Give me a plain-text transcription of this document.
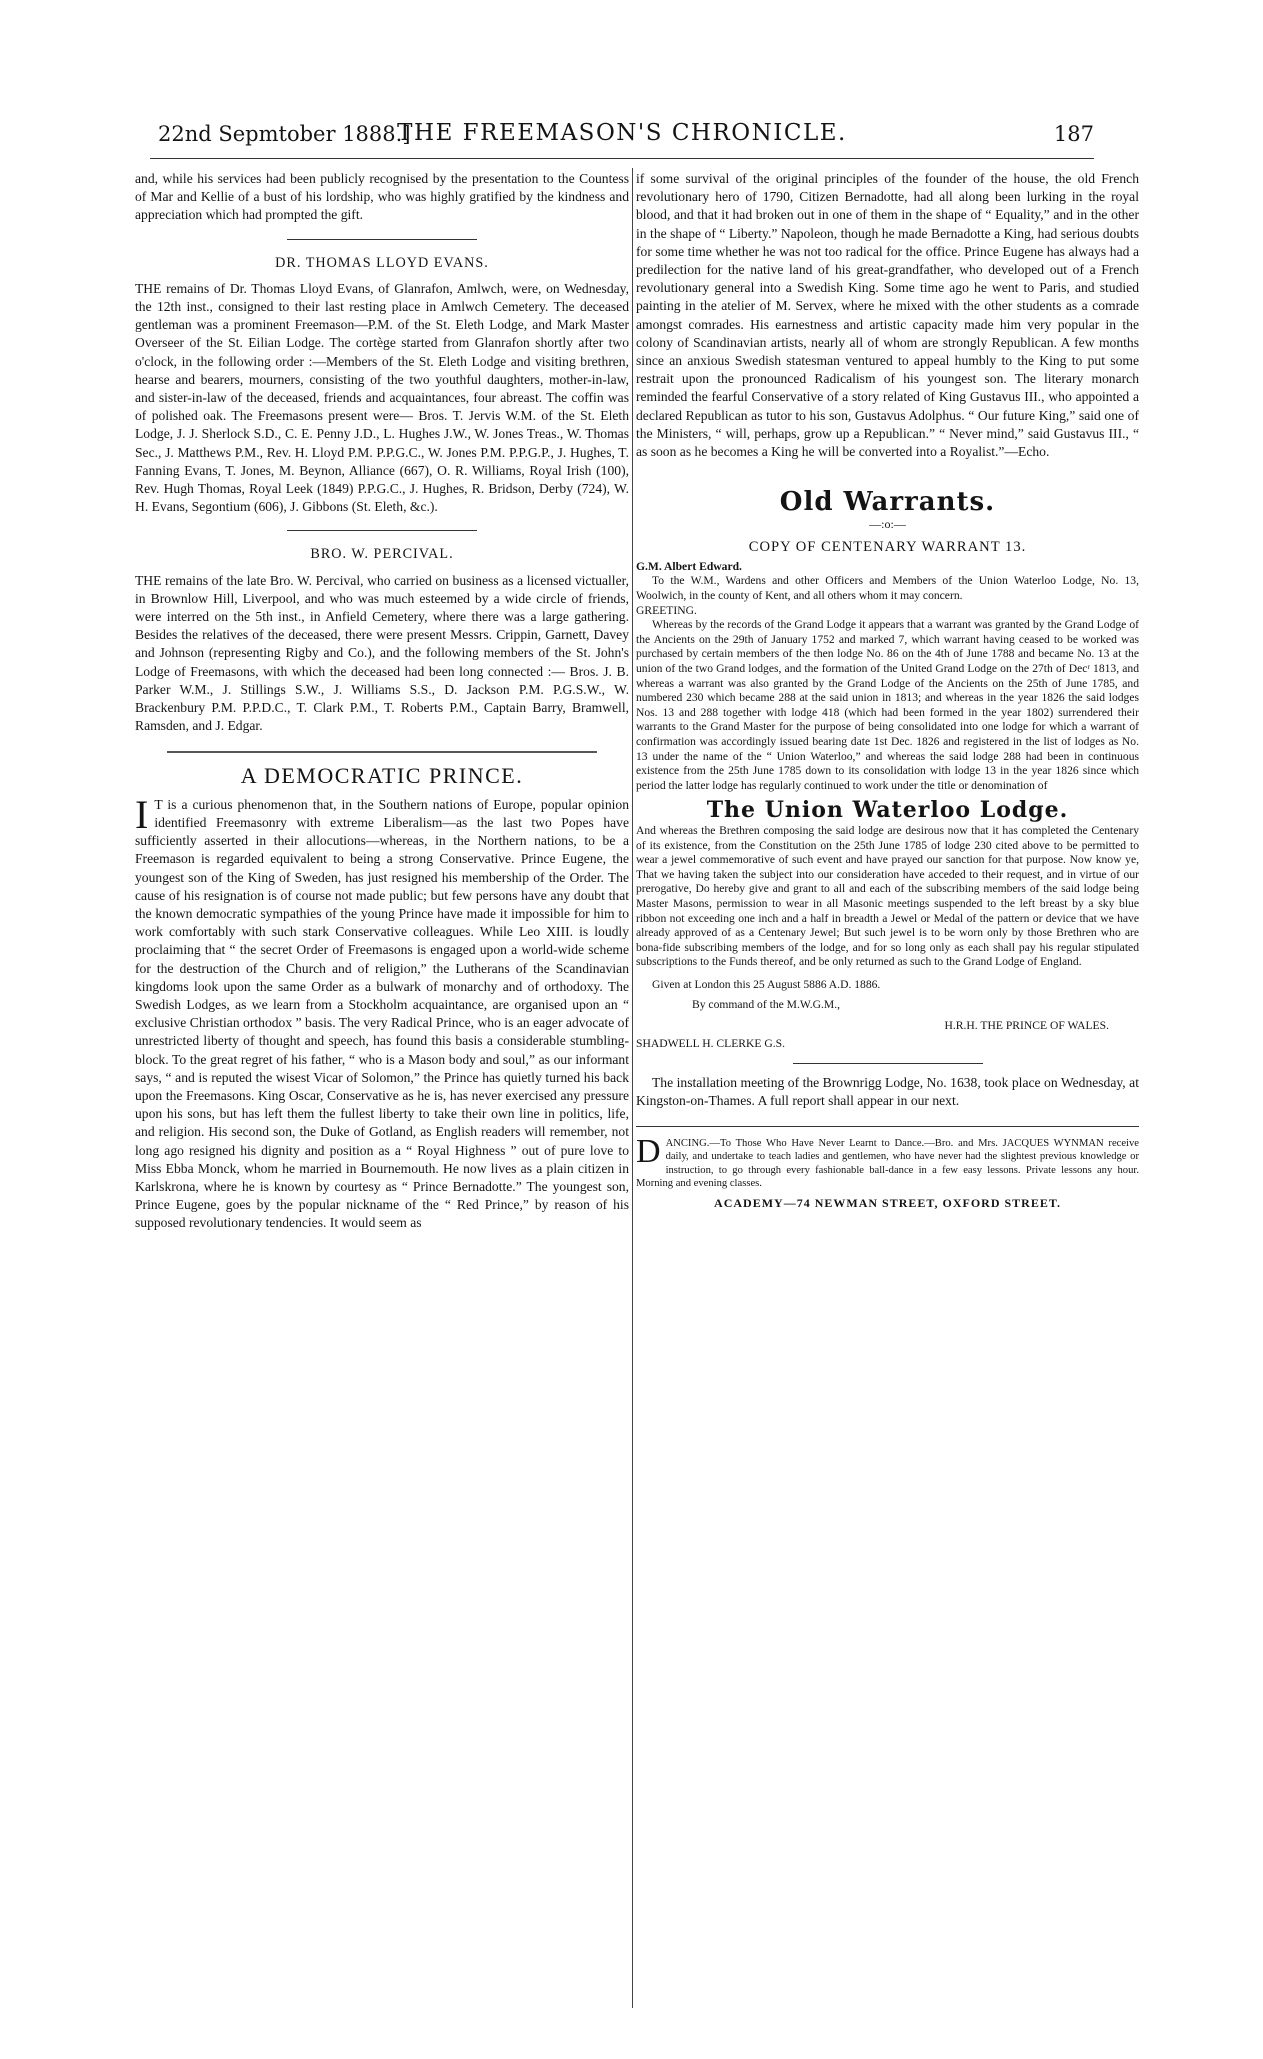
22nd Sepmtober 1888.]
THE FREEMASON'S CHRONICLE.	187

and, while his services had been publicly recognised by the presentation to the Countess of Mar and Kellie of a bust of his lordship, who was highly gratified by the kindness and appreciation which had prompted the gift.

DR. THOMAS LLOYD EVANS.

THE remains of Dr. Thomas Lloyd Evans, of Glanrafon, Amlwch, were, on Wednesday, the 12th inst., consigned to their last resting place in Amlwch Cemetery. The deceased gentleman was a prominent Freemason—P.M. of the St. Eleth Lodge, and Mark Master Overseer of the St. Eilian Lodge. The cortège started from Glanrafon shortly after two o'clock, in the following order :—Members of the St. Eleth Lodge and visiting brethren, hearse and bearers, mourners, consisting of the two youthful daughters, mother-in-law, and sister-in-law of the deceased, friends and acquaintances, four abreast. The coffin was of polished oak. The Freemasons present were— Bros. T. Jervis W.M. of the St. Eleth Lodge, J. J. Sherlock S.D., C. E. Penny J.D., L. Hughes J.W., W. Jones Treas., W. Thomas Sec., J. Matthews P.M., Rev. H. Lloyd P.M. P.P.G.C., W. Jones P.M. P.P.G.P., J. Hughes, T. Fanning Evans, T. Jones, M. Beynon, Alliance (667), O. R. Williams, Royal Irish (100), Rev. Hugh Thomas, Royal Leek (1849) P.P.G.C., J. Hughes, R. Bridson, Derby (724), W. H. Evans, Segontium (606), J. Gibbons (St. Eleth, &c.).

BRO. W. PERCIVAL.

THE remains of the late Bro. W. Percival, who carried on business as a licensed victualler, in Brownlow Hill, Liverpool, and who was much esteemed by a wide circle of friends, were interred on the 5th inst., in Anfield Cemetery, where there was a large gathering. Besides the relatives of the deceased, there were present Messrs. Crippin, Garnett, Davey and Johnson (representing Rigby and Co.), and the following members of the St. John's Lodge of Freemasons, with which the deceased had been long connected :— Bros. J. B. Parker W.M., J. Stillings S.W., J. Williams S.S., D. Jackson P.M. P.G.S.W., W. Brackenbury P.M. P.P.D.C., T. Clark P.M., T. Roberts P.M., Captain Barry, Bramwell, Ramsden, and J. Edgar.

A DEMOCRATIC PRINCE.

I T is a curious phenomenon that, in the Southern nations of Europe, popular opinion identified Freemasonry with extreme Liberalism—as the last two Popes have sufficiently asserted in their allocutions—whereas, in the Northern nations, to be a Freemason is regarded equivalent to being a strong Conservative. Prince Eugene, the youngest son of the King of Sweden, has just resigned his membership of the Order. The cause of his resignation is of course not made public; but few persons have any doubt that the known democratic sympathies of the young Prince have made it impossible for him to work comfortably with such stark Conservative colleagues. While Leo XIII. is loudly proclaiming that “ the secret Order of Freemasons is engaged upon a world-wide scheme for the destruction of the Church and of religion,” the Lutherans of the Scandinavian kingdoms look upon the same Order as a bulwark of monarchy and of orthodoxy. The Swedish Lodges, as we learn from a Stockholm acquaintance, are organised upon an “ exclusive Christian orthodox ” basis. The very Radical Prince, who is an eager advocate of unrestricted liberty of thought and speech, has found this basis a considerable stumbling-block. To the great regret of his father, “ who is a Mason body and soul,” as our informant says, “ and is reputed the wisest Vicar of Solomon,” the Prince has quietly turned his back upon the Freemasons. King Oscar, Conservative as he is, has never exercised any pressure upon his sons, but has left them the fullest liberty to take their own line in politics, life, and religion. His second son, the Duke of Gotland, as English readers will remember, not long ago resigned his dignity and position as a “ Royal Highness ” out of pure love to Miss Ebba Monck, whom he married in Bournemouth. He now lives as a plain citizen in Karlskrona, where he is known by courtesy as “ Prince Bernadotte.” The youngest son, Prince Eugene, goes by the popular nickname of the “ Red Prince,” by reason of his supposed revolutionary tendencies. It would seem as

if some survival of the original principles of the founder of the house, the old French revolutionary hero of 1790, Citizen Bernadotte, had all along been lurking in the royal blood, and that it had broken out in one of them in the shape of “ Equality,” and in the other in the shape of “ Liberty.” Napoleon, though he made Bernadotte a King, had serious doubts for some time whether he was not too radical for the office. Prince Eugene has always had a predilection for the native land of his great-grandfather, who developed out of a French revolutionary general into a Swedish King. Some time ago he went to Paris, and studied painting in the atelier of M. Servex, where he mixed with the other students as a comrade amongst comrades. His earnestness and artistic capacity made him very popular in the colony of Scandinavian artists, nearly all of whom are strongly Republican. A few months since an anxious Swedish statesman ventured to appeal humbly to the King to put some restrait upon the pronounced Radicalism of his youngest son. The literary monarch reminded the fearful Conservative of a story related of King Gustavus III., who appointed a declared Republican as tutor to his son, Gustavus Adolphus. “ Our future King,” said one of the Ministers, “ will, perhaps, grow up a Republican.” “ Never mind,” said Gustavus III., “ as soon as he becomes a King he will be converted into a Royalist.”—Echo.

Old Warrants.
—:o:—
COPY OF CENTENARY WARRANT 13.

G.M. Albert Edward.

To the W.M., Wardens and other Officers and Members of the Union Waterloo Lodge, No. 13, Woolwich, in the county of Kent, and all others whom it may concern.

GREETING.

Whereas by the records of the Grand Lodge it appears that a warrant was granted by the Grand Lodge of the Ancients on the 29th of January 1752 and marked 7, which warrant having ceased to be worked was purchased by certain members of the then lodge No. 86 on the 4th of June 1788 and became No. 13 at the union of the two Grand lodges, and the formation of the United Grand Lodge on the 27th of Decʳ 1813, and whereas a warrant was also granted by the Grand Lodge of the Ancients on the 25th of June 1785, and numbered 230 which became 288 at the said union in 1813; and whereas in the year 1826 the said lodges Nos. 13 and 288 together with lodge 418 (which had been formed in the year 1802) surrendered their warrants to the Grand Master for the purpose of being consolidated into one lodge for which a warrant of confirmation was accordingly issued bearing date 1st Dec. 1826 and registered in the list of lodges as No. 13 under the name of the “ Union Waterloo,” and whereas the said lodge 288 had been in continuous existence from the 25th June 1785 down to its consolidation with lodge 13 in the year 1826 since which period the latter lodge has regularly continued to work under the title or denomination of

The Union Waterloo Lodge.

And whereas the Brethren composing the said lodge are desirous now that it has completed the Centenary of its existence, from the Constitution on the 25th June 1785 of lodge 230 cited above to be permitted to wear a jewel commemorative of such event and have prayed our sanction for that purpose. Now know ye, That we having taken the subject into our consideration have acceded to their request, and in virtue of our prerogative, Do hereby give and grant to all and each of the subscribing members of the said lodge being Master Masons, permission to wear in all Masonic meetings suspended to the left breast by a sky blue ribbon not exceeding one inch and a half in breadth a Jewel or Medal of the pattern or device that we have already approved of as a Centenary Jewel; But such jewel is to be worn only by those Brethren who are bona-fide subscribing members of the lodge, and for so long only as each shall pay his regular stipulated subscriptions to the Funds thereof, and be only returned as such to the Grand Lodge of England.

Given at London this 25 August 5886 A.D. 1886.

By command of the M.W.G.M.,

H.R.H. THE PRINCE OF WALES.

SHADWELL H. CLERKE G.S.

The installation meeting of the Brownrigg Lodge, No. 1638, took place on Wednesday, at Kingston-on-Thames. A full report shall appear in our next.

D ANCING.—To Those Who Have Never Learnt to Dance.—Bro. and Mrs. JACQUES WYNMAN receive daily, and undertake to teach ladies and gentlemen, who have never had the slightest previous knowledge or instruction, to go through every fashionable ball-dance in a few easy lessons. Private lessons any hour. Morning and evening classes.
ACADEMY—74 NEWMAN STREET, OXFORD STREET.
